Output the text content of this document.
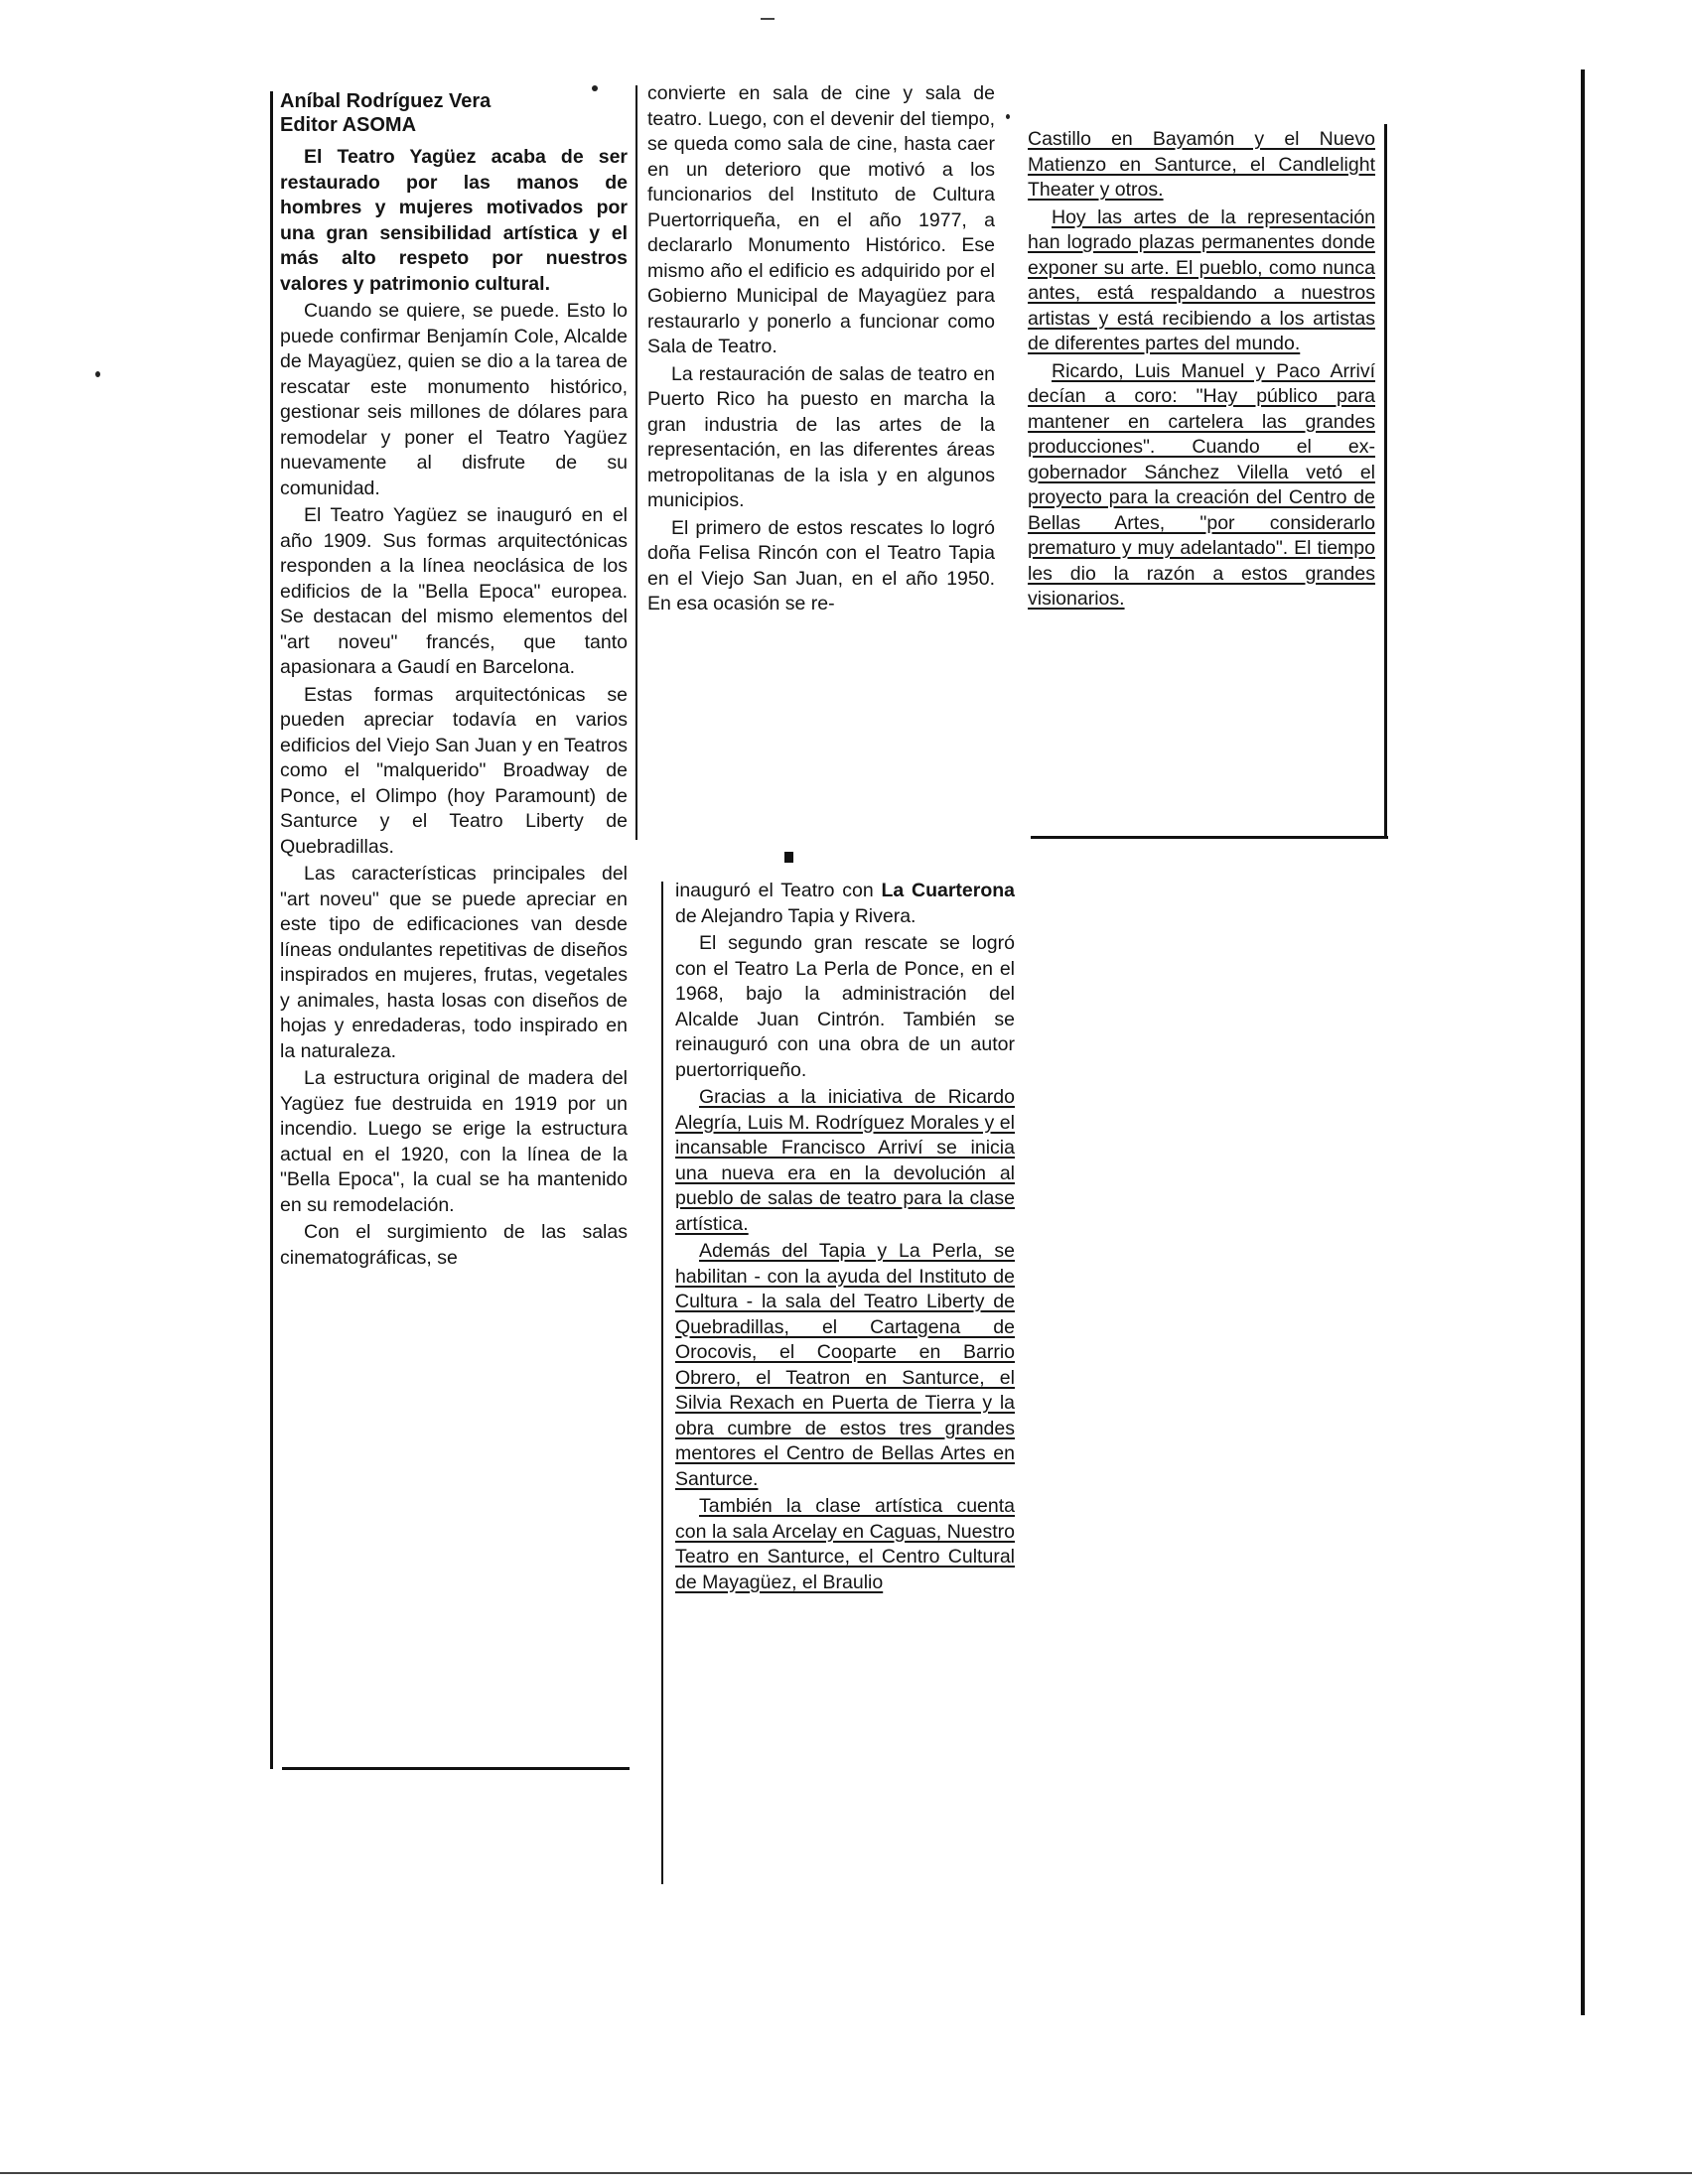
Aníbal Rodríguez Vera
Editor ASOMA

El Teatro Yagüez acaba de ser restaurado por las manos de hombres y mujeres motivados por una gran sensibilidad artística y el más alto respeto por nuestros valores y patrimonio cultural.

Cuando se quiere, se puede. Esto lo puede confirmar Benjamín Cole, Alcalde de Mayagüez, quien se dio a la tarea de rescatar este monumento histórico, gestionar seis millones de dólares para remodelar y poner el Teatro Yagüez nuevamente al disfrute de su comunidad.

El Teatro Yagüez se inauguró en el año 1909. Sus formas arquitectónicas responden a la línea neoclásica de los edificios de la "Bella Epoca" europea. Se destacan del mismo elementos del "art noveu" francés, que tanto apasionara a Gaudí en Barcelona.

Estas formas arquitectónicas se pueden apreciar todavía en varios edificios del Viejo San Juan y en Teatros como el "malquerido" Broadway de Ponce, el Olimpo (hoy Paramount) de Santurce y el Teatro Liberty de Quebradillas.

Las características principales del "art noveu" que se puede apreciar en este tipo de edificaciones van desde líneas ondulantes repetitivas de diseños inspirados en mujeres, frutas, vegetales y animales, hasta losas con diseños de hojas y enredaderas, todo inspirado en la naturaleza.

La estructura original de madera del Yagüez fue destruida en 1919 por un incendio. Luego se erige la estructura actual en el 1920, con la línea de la "Bella Epoca", la cual se ha mantenido en su remodelación.

Con el surgimiento de las salas cinematográficas, se

convierte en sala de cine y sala de teatro. Luego, con el devenir del tiempo, se queda como sala de cine, hasta caer en un deterioro que motivó a los funcionarios del Instituto de Cultura Puertorriqueña, en el año 1977, a declararlo Monumento Histórico. Ese mismo año el edificio es adquirido por el Gobierno Municipal de Mayagüez para restaurarlo y ponerlo a funcionar como Sala de Teatro.

La restauración de salas de teatro en Puerto Rico ha puesto en marcha la gran industria de las artes de la representación, en las diferentes áreas metropolitanas de la isla y en algunos municipios.

El primero de estos rescates lo logró doña Felisa Rincón con el Teatro Tapia en el Viejo San Juan, en el año 1950. En esa ocasión se re-

inauguró el Teatro con La Cuarterona de Alejandro Tapia y Rivera.

El segundo gran rescate se logró con el Teatro La Perla de Ponce, en el 1968, bajo la administración del Alcalde Juan Cintrón. También se reinauguró con una obra de un autor puertorriqueño.

Gracias a la iniciativa de Ricardo Alegría, Luis M. Rodríguez Morales y el incansable Francisco Arriví se inicia una nueva era en la devolución al pueblo de salas de teatro para la clase artística.

Además del Tapia y La Perla, se habilitan - con la ayuda del Instituto de Cultura - la sala del Teatro Liberty de Quebradillas, el Cartagena de Orocovis, el Cooparte en Barrio Obrero, el Teatron en Santurce, el Silvia Rexach en Puerta de Tierra y la obra cumbre de estos tres grandes mentores el Centro de Bellas Artes en Santurce.

También la clase artística cuenta con la sala Arcelay en Caguas, Nuestro Teatro en Santurce, el Centro Cultural de Mayagüez, el Braulio

Castillo en Bayamón y el Nuevo Matienzo en Santurce, el Candlelight Theater y otros.

Hoy las artes de la representación han logrado plazas permanentes donde exponer su arte. El pueblo, como nunca antes, está respaldando a nuestros artistas y está recibiendo a los artistas de diferentes partes del mundo.

Ricardo, Luis Manuel y Paco Arriví decían a coro: "Hay público para mantener en cartelera las grandes producciones". Cuando el ex-gobernador Sánchez Vilella vetó el proyecto para la creación del Centro de Bellas Artes, "por considerarlo prematuro y muy adelantado". El tiempo les dio la razón a estos grandes visionarios.
